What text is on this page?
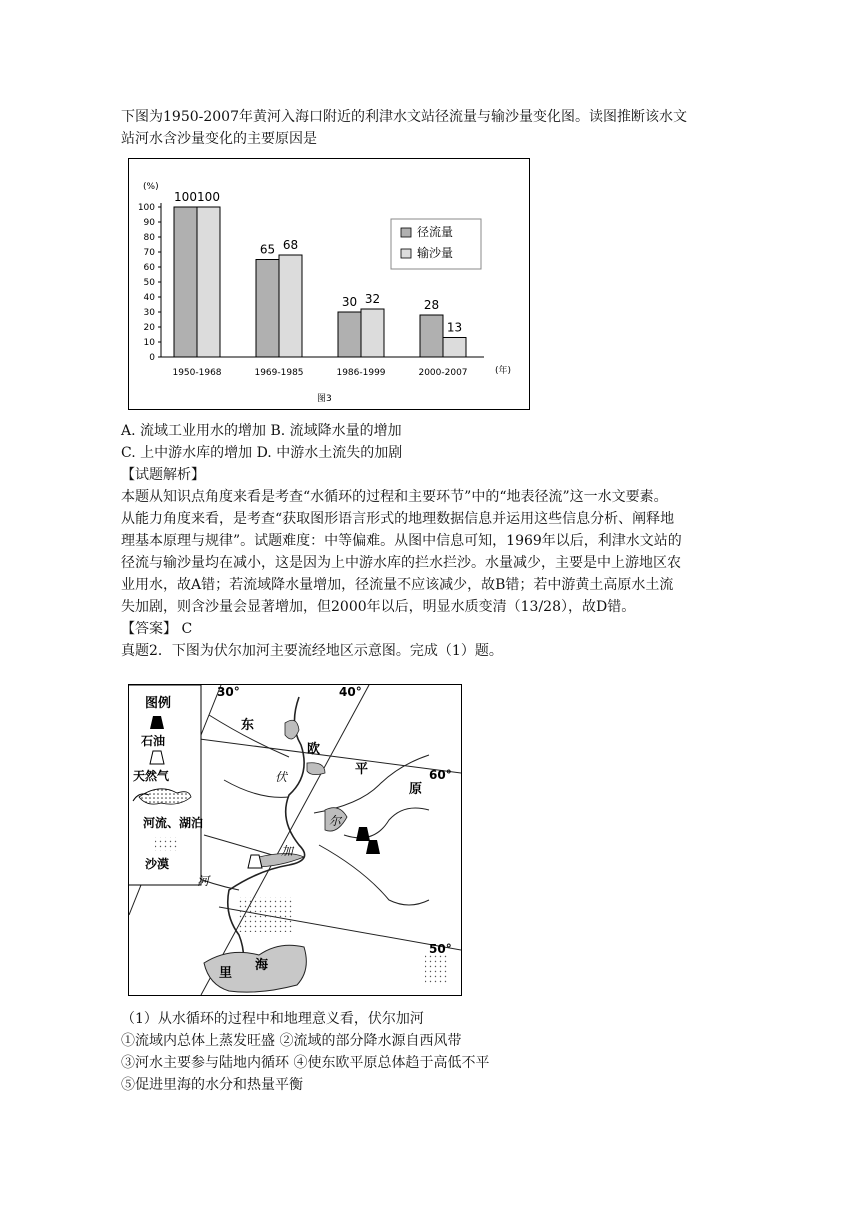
下图为1950-2007年黄河入海口附近的利津水文站径流量与输沙量变化图。读图推断该水文
站河水含沙量变化的主要原因是
0
10
20
30
40
50
60
70
80
90
100
100 100
1950-1968
65 68
1969-1985
30 32
1986-1999
28
13
2000-2007
径流量
输沙量
(%)
(年)
图3
A. 流域工业用水的增加 B. 流域降水量的增加
C. 上中游水库的增加 D. 中游水土流失的加剧
【试题解析】
本题从知识点角度来看是考查“水循环的过程和主要环节”中的“地表径流”这一水文要素。
从能力角度来看，是考查“获取图形语言形式的地理数据信息并运用这些信息分析、阐释地
理基本原理与规律”。试题难度：中等偏难。从图中信息可知，1969年以后，利津水文站的
径流与输沙量均在减小，这是因为上中游水库的拦水拦沙。水量减少，主要是中上游地区农
业用水，故A错；若流域降水量增加，径流量不应该减少，故B错；若中游黄土高原水土流
失加剧，则含沙量会显著增加，但2000年以后，明显水质变清（13/28），故D错。
【答案】 C
真题2．下图为伏尔加河主要流经地区示意图。完成（1）题。
图例
石油
天然气
河流、湖泊
沙漠
30°	40°
60°
50°
东
欧
平
原
伏
尔
加
河
里
海
（1）从水循环的过程中和地理意义看，伏尔加河
①流域内总体上蒸发旺盛 ②流域的部分降水源自西风带
③河水主要参与陆地内循环 ④使东欧平原总体趋于高低不平
⑤促进里海的水分和热量平衡
